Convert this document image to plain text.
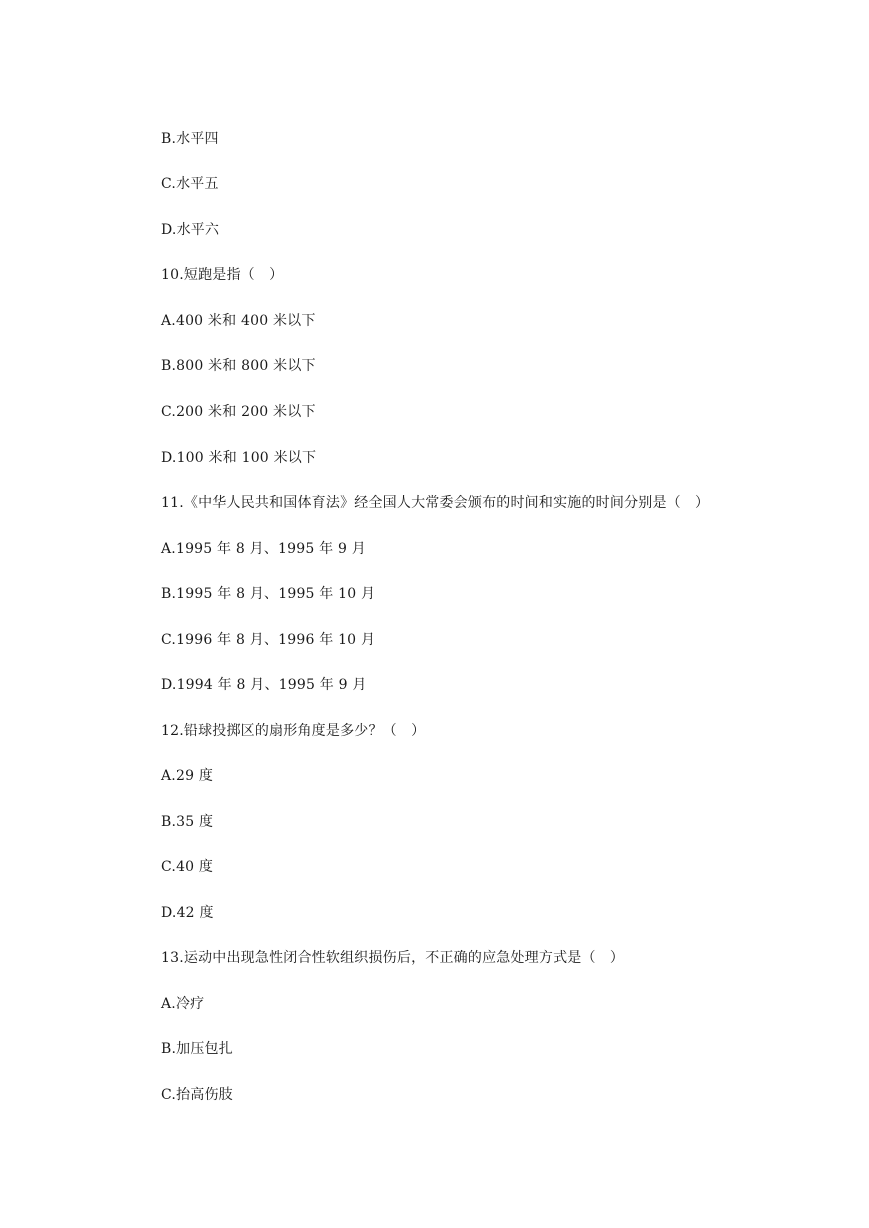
B.水平四
C.水平五
D.水平六
10.短跑是指（　）
A.400 米和 400 米以下
B.800 米和 800 米以下
C.200 米和 200 米以下
D.100 米和 100 米以下
11.《中华人民共和国体育法》经全国人大常委会颁布的时间和实施的时间分别是（　）
A.1995 年 8 月、1995 年 9 月
B.1995 年 8 月、1995 年 10 月
C.1996 年 8 月、1996 年 10 月
D.1994 年 8 月、1995 年 9 月
12.铅球投掷区的扇形角度是多少？（　）
A.29 度
B.35 度
C.40 度
D.42 度
13.运动中出现急性闭合性软组织损伤后，不正确的应急处理方式是（　）
A.冷疗
B.加压包扎
C.抬高伤肢
